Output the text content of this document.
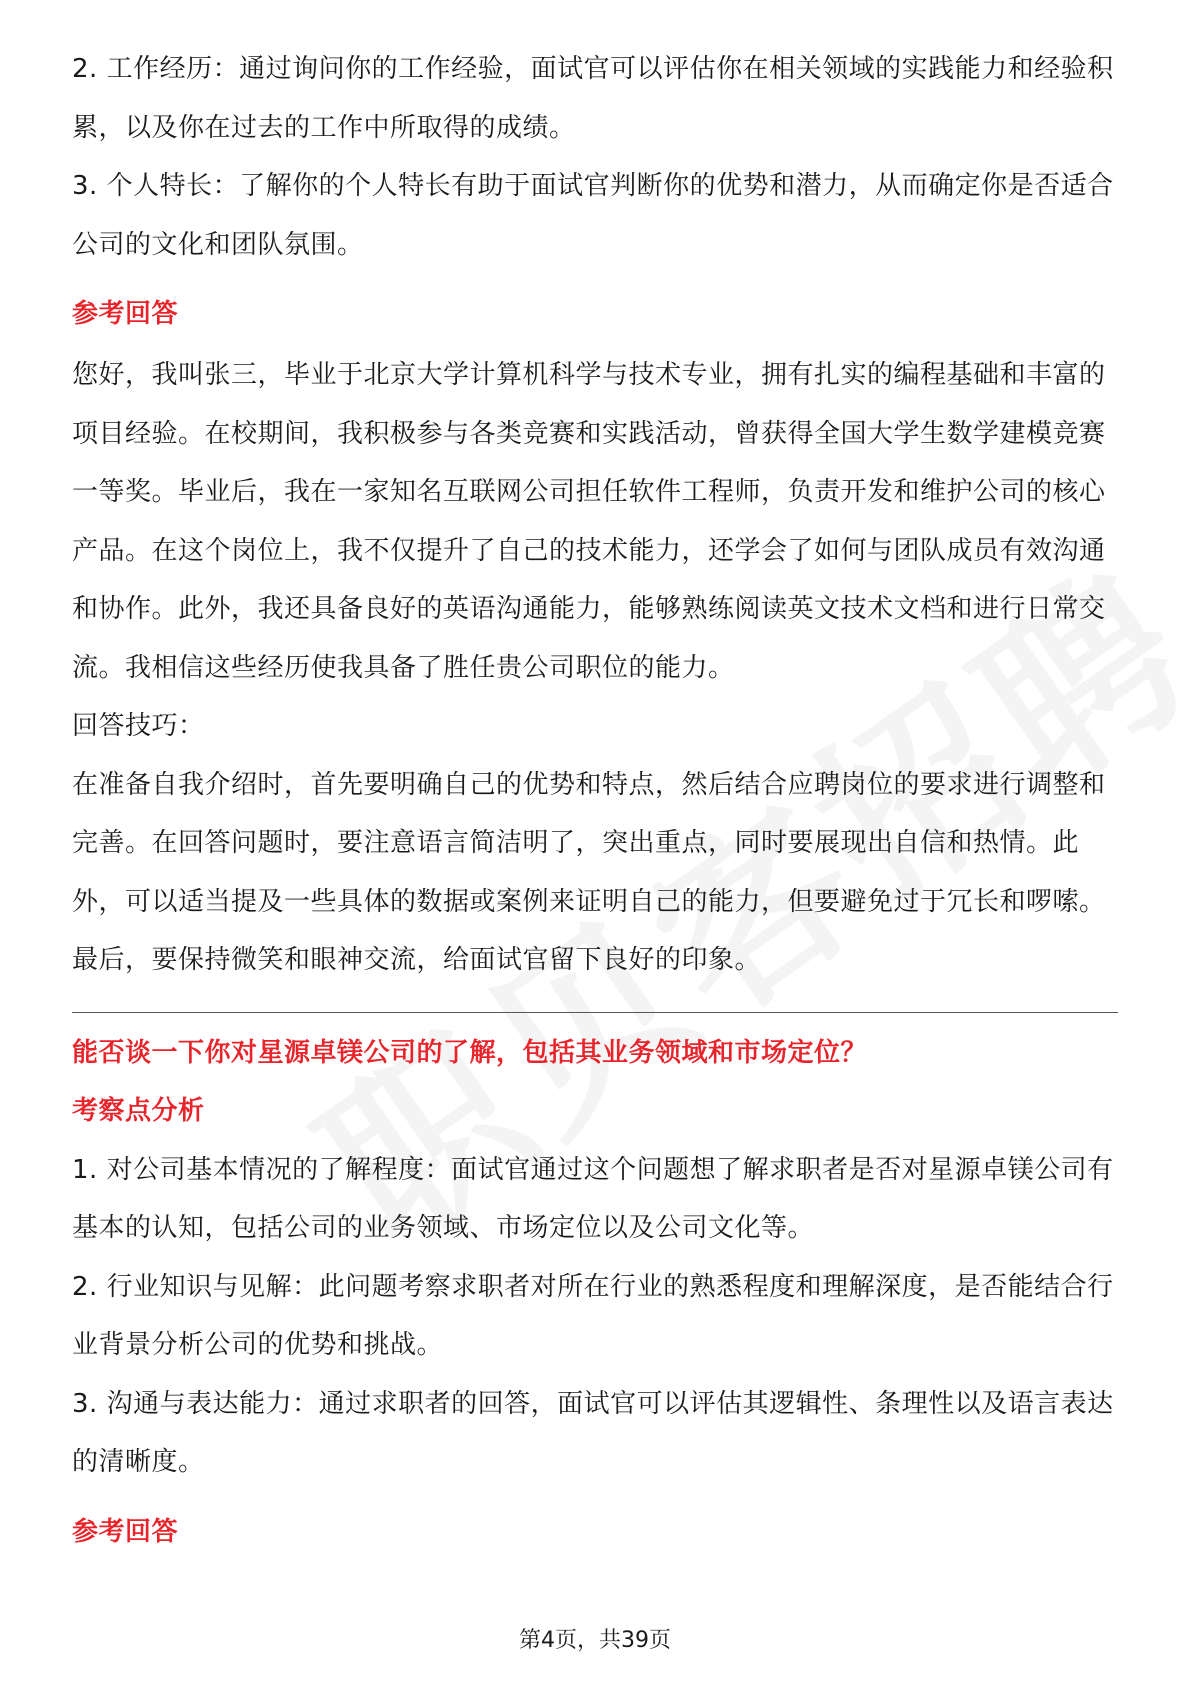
2. 工作经历：通过询问你的工作经验，面试官可以评估你在相关领域的实践能力和经验积累，以及你在过去的工作中所取得的成绩。

3. 个人特长：了解你的个人特长有助于面试官判断你的优势和潜力，从而确定你是否适合公司的文化和团队氛围。

参考回答

您好，我叫张三，毕业于北京大学计算机科学与技术专业，拥有扎实的编程基础和丰富的项目经验。在校期间，我积极参与各类竞赛和实践活动，曾获得全国大学生数学建模竞赛一等奖。毕业后，我在一家知名互联网公司担任软件工程师，负责开发和维护公司的核心产品。在这个岗位上，我不仅提升了自己的技术能力，还学会了如何与团队成员有效沟通和协作。此外，我还具备良好的英语沟通能力，能够熟练阅读英文技术文档和进行日常交流。我相信这些经历使我具备了胜任贵公司职位的能力。

回答技巧：

在准备自我介绍时，首先要明确自己的优势和特点，然后结合应聘岗位的要求进行调整和完善。在回答问题时，要注意语言简洁明了，突出重点，同时要展现出自信和热情。此外，可以适当提及一些具体的数据或案例来证明自己的能力，但要避免过于冗长和啰嗦。最后，要保持微笑和眼神交流，给面试官留下良好的印象。

能否谈一下你对星源卓镁公司的了解，包括其业务领域和市场定位？
考察点分析

1. 对公司基本情况的了解程度：面试官通过这个问题想了解求职者是否对星源卓镁公司有基本的认知，包括公司的业务领域、市场定位以及公司文化等。

2. 行业知识与见解：此问题考察求职者对所在行业的熟悉程度和理解深度，是否能结合行业背景分析公司的优势和挑战。

3. 沟通与表达能力：通过求职者的回答，面试官可以评估其逻辑性、条理性以及语言表达的清晰度。

参考回答
第4页，共39页
